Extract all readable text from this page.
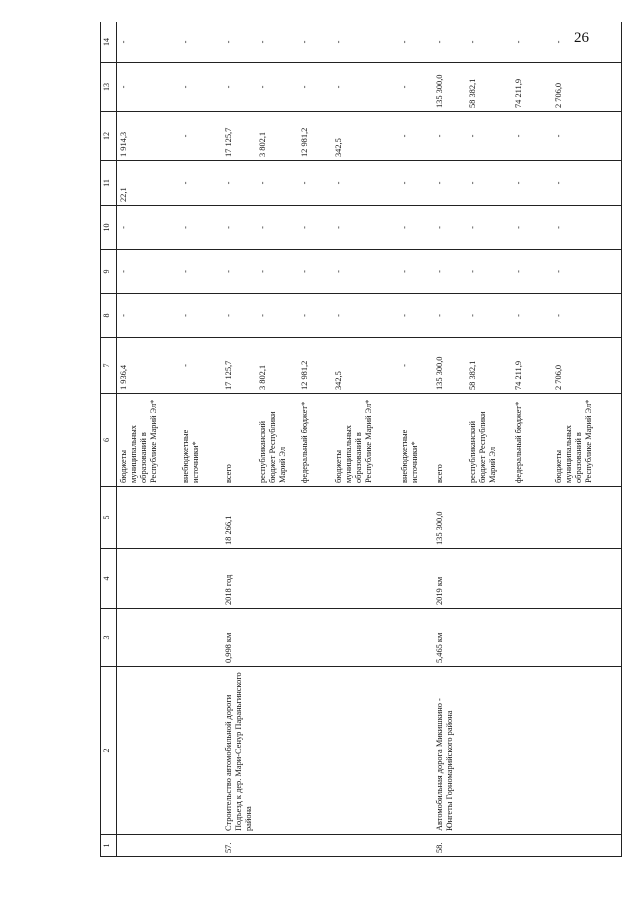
26
1	2	3	4	5	6	7	8	9	10	11	12	13	14
					бюджеты муниципальных образований в Республике Марий Эл*	1 936,4	-	-	-	22,1	1 914,3	-	-
					внебюджетные источники*	-	-	-	-	-	-	-	-
57.	Строительство автомобильной дороги Подъезд к дер. Мари-Сенур Параньгинского района	0,998 км	2018 год	18 266,1	всего	17 125,7	-	-	-	-	17 125,7	-	-
					республиканский бюджет Республики Марий Эл	3 802,1	-	-	-	-	3 802,1	-	-
					федеральный бюджет*	12 981,2	-	-	-	-	12 981,2	-	-
					бюджеты муниципальных образований в Республике Марий Эл*	342,5	-	-	-	-	342,5	-	-
					внебюджетные источники*	-	-	-	-	-	-	-	-
58.	Автомобильная дорога Микишкино - Юнгеты Горномарийского района	5,465 км	2019 км	135 300,0	всего	135 300,0	-	-	-	-	-	135 300,0	-
					республиканский бюджет Республики Марий Эл	58 382,1	-	-	-	-	-	58 382,1	-
					федеральный бюджет*	74 211,9	-	-	-	-	-	74 211,9	-
					бюджеты муниципальных образований в Республике Марий Эл*	2 706,0	-	-	-	-	-	2 706,0	-
